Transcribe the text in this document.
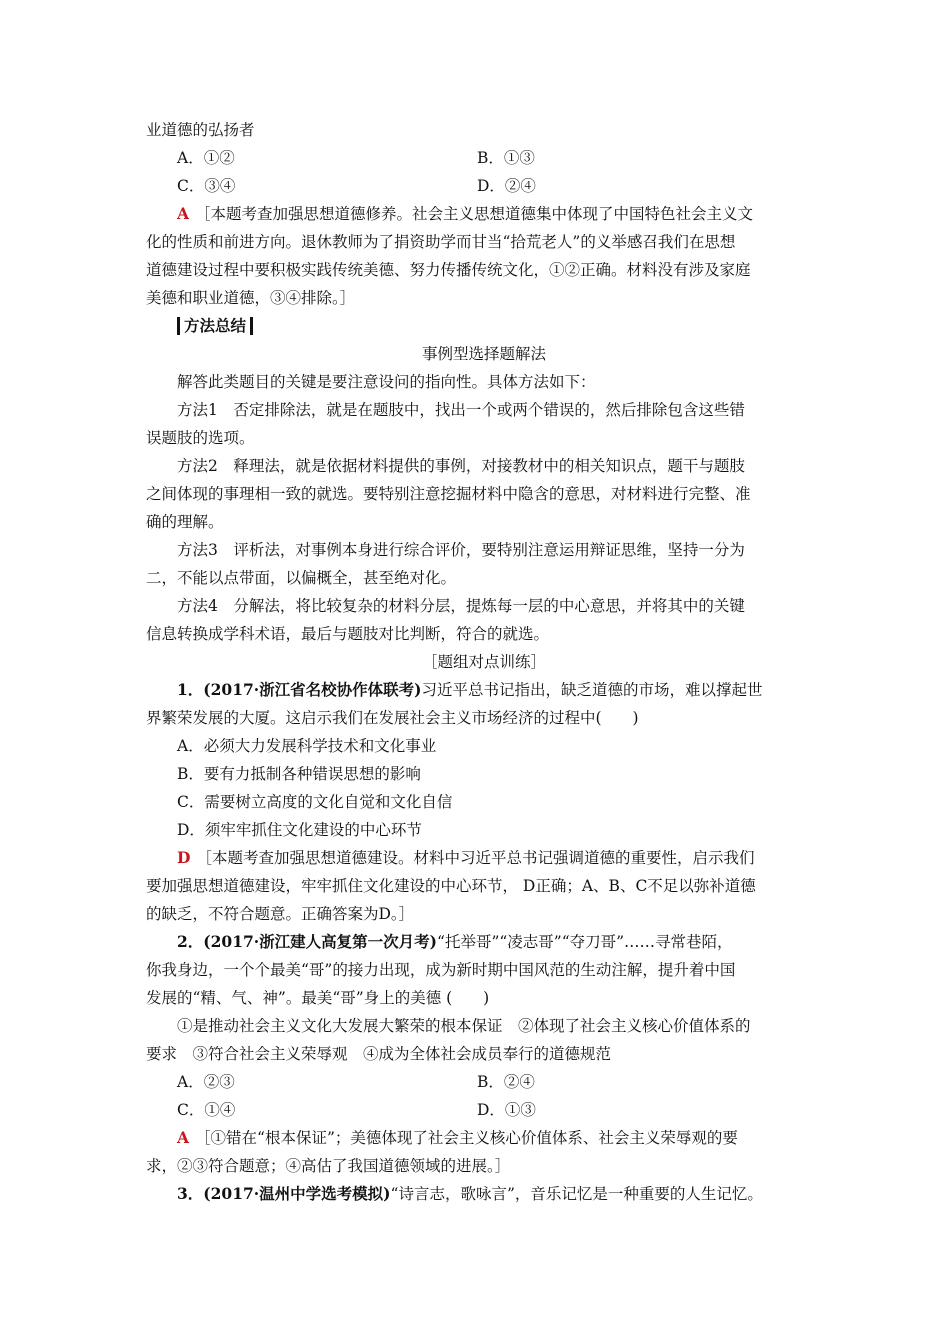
业道德的弘扬者
A．①②	B．①③
C．③④	D．②④
A ［本题考查加强思想道德修养。社会主义思想道德集中体现了中国特色社会主义文
化的性质和前进方向。退休教师为了捐资助学而甘当“拾荒老人”的义举感召我们在思想
道德建设过程中要积极实践传统美德、努力传播传统文化，①②正确。材料没有涉及家庭
美德和职业道德，③④排除。］
方法总结
事例型选择题解法
解答此类题目的关键是要注意设问的指向性。具体方法如下：
方法1　否定排除法，就是在题肢中，找出一个或两个错误的，然后排除包含这些错
误题肢的选项。
方法2　释理法，就是依据材料提供的事例，对接教材中的相关知识点，题干与题肢
之间体现的事理相一致的就选。要特别注意挖掘材料中隐含的意思，对材料进行完整、准
确的理解。
方法3　评析法，对事例本身进行综合评价，要特别注意运用辩证思维，坚持一分为
二，不能以点带面，以偏概全，甚至绝对化。
方法4　分解法，将比较复杂的材料分层，提炼每一层的中心意思，并将其中的关键
信息转换成学科术语，最后与题肢对比判断，符合的就选。
［题组对点训练］
1．(2017·浙江省名校协作体联考)习近平总书记指出，缺乏道德的市场，难以撑起世
界繁荣发展的大厦。这启示我们在发展社会主义市场经济的过程中(　　)
A．必须大力发展科学技术和文化事业
B．要有力抵制各种错误思想的影响
C．需要树立高度的文化自觉和文化自信
D．须牢牢抓住文化建设的中心环节
D ［本题考查加强思想道德建设。材料中习近平总书记强调道德的重要性，启示我们
要加强思想道德建设，牢牢抓住文化建设的中心环节， D正确；A、B、C不足以弥补道德
的缺乏，不符合题意。正确答案为D。］
2．(2017·浙江建人高复第一次月考)“托举哥”“凌志哥”“夺刀哥”……寻常巷陌，
你我身边，一个个最美“哥”的接力出现，成为新时期中国风范的生动注解，提升着中国
发展的“精、气、神”。最美“哥”身上的美德 (　　)
①是推动社会主义文化大发展大繁荣的根本保证　②体现了社会主义核心价值体系的
要求　③符合社会主义荣辱观　④成为全体社会成员奉行的道德规范
A．②③	B．②④
C．①④	D．①③
A ［①错在“根本保证”；美德体现了社会主义核心价值体系、社会主义荣辱观的要
求，②③符合题意；④高估了我国道德领域的进展。］
3．(2017·温州中学选考模拟)“诗言志，歌咏言”，音乐记忆是一种重要的人生记忆。
